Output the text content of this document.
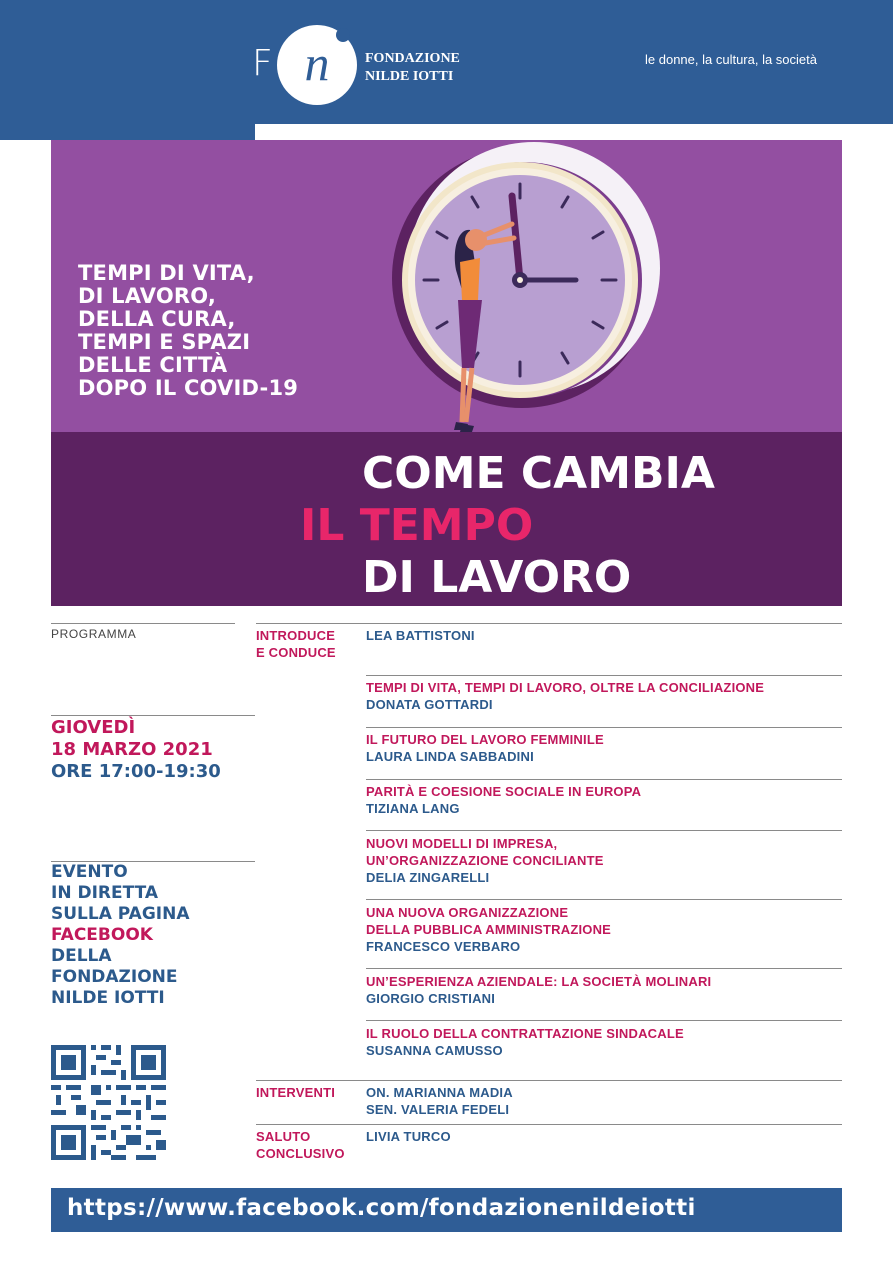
F n	FONDAZIONE
NILDE IOTTI
le donne, la cultura, la società
TEMPI DI VITA,
DI LAVORO,
DELLA CURA,
TEMPI E SPAZI
DELLE CITTÀ
DOPO IL COVID-19
COME CAMBIA
IL TEMPO
DI LAVORO
PROGRAMMA
GIOVEDÌ
18 MARZO 2021
ORE 17:00-19:30
EVENTO
IN DIRETTA
SULLA PAGINA
FACEBOOK
DELLA
FONDAZIONE
NILDE IOTTI
INTRODUCE
E CONDUCE
LEA BATTISTONI
TEMPI DI VITA, TEMPI DI LAVORO, OLTRE LA CONCILIAZIONE
DONATA GOTTARDI
IL FUTURO DEL LAVORO FEMMINILE
LAURA LINDA SABBADINI
PARITÀ E COESIONE SOCIALE IN EUROPA
TIZIANA LANG
NUOVI MODELLI DI IMPRESA,
UN’ORGANIZZAZIONE CONCILIANTE
DELIA ZINGARELLI
UNA NUOVA ORGANIZZAZIONE
DELLA PUBBLICA AMMINISTRAZIONE
FRANCESCO VERBARO
UN’ESPERIENZA AZIENDALE: LA SOCIETÀ MOLINARI
GIORGIO CRISTIANI
IL RUOLO DELLA CONTRATTAZIONE SINDACALE
SUSANNA CAMUSSO
INTERVENTI ON. MARIANNA MADIA
SEN. VALERIA FEDELI
SALUTO
CONCLUSIVO
LIVIA TURCO
https://www.facebook.com/fondazionenildeiotti
